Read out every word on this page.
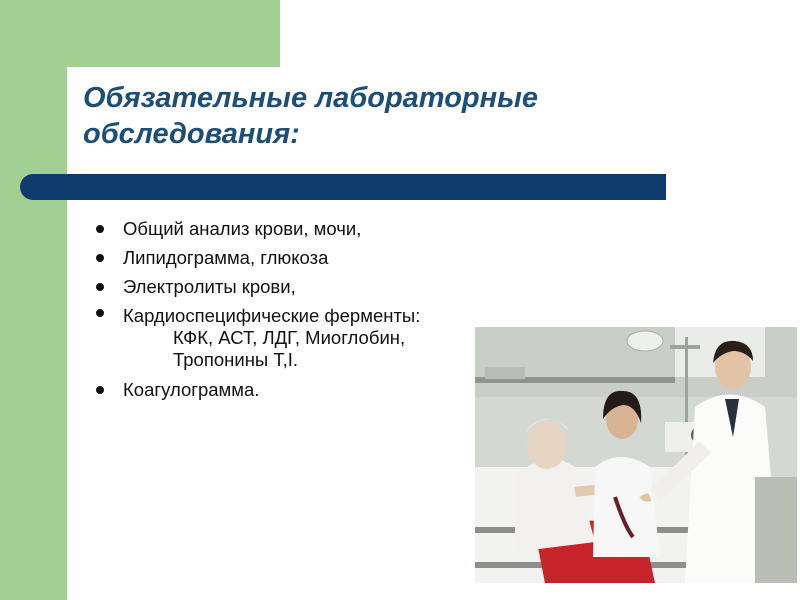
Обязательные лабораторные
обследования:
Общий анализ крови, мочи,
Липидограмма, глюкоза
Электролиты крови,
Кардиоспецифические ферменты:
КФК, АСТ, ЛДГ, Миоглобин,
Тропонины Т,I.
Коагулограмма.
